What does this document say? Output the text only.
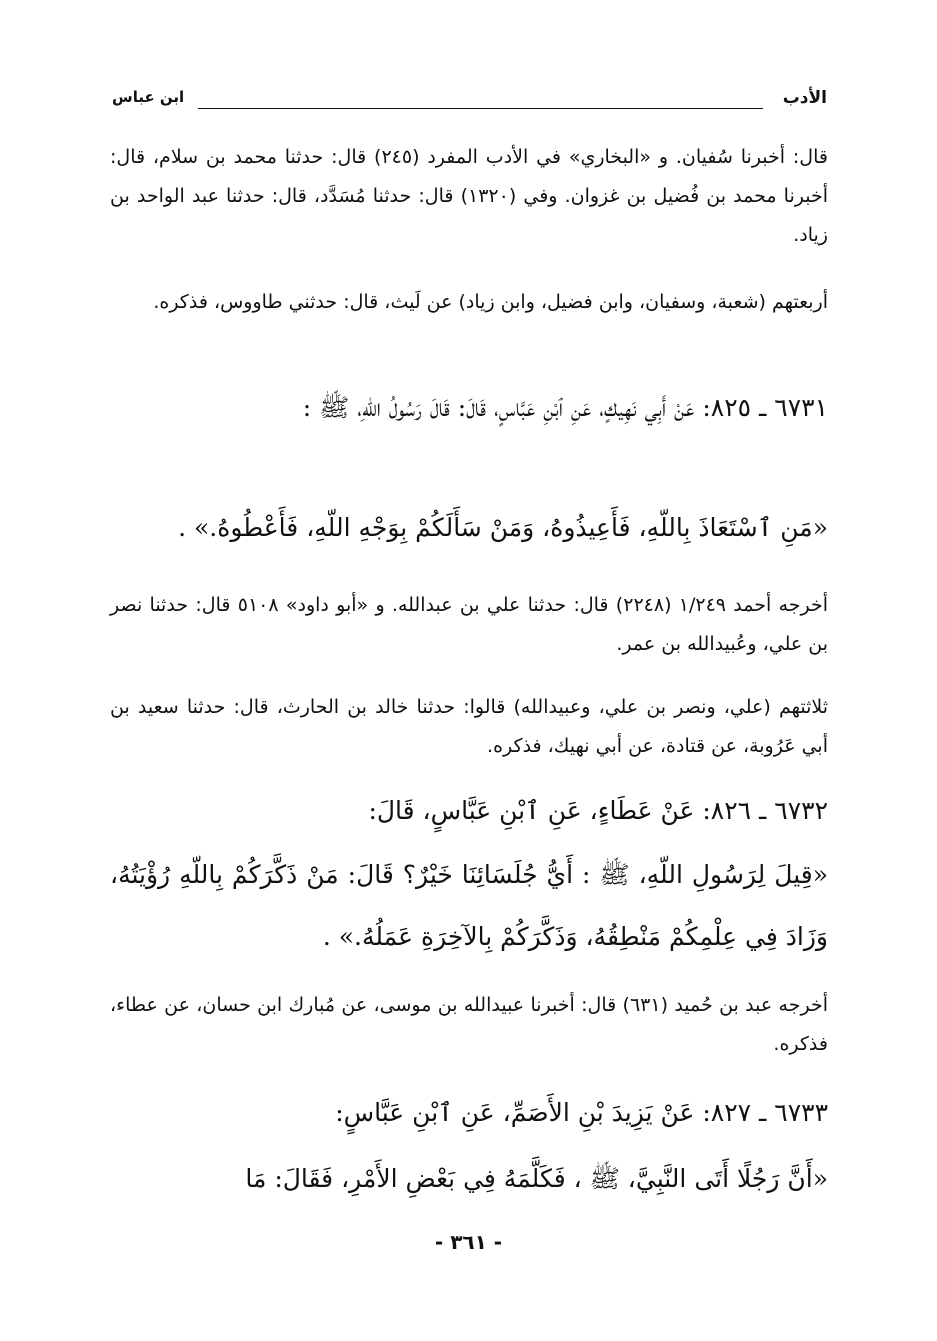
الأدب
ابن عباس

قال: أخبرنا سُفيان. و «البخاري» في الأدب المفرد (٢٤٥) قال: حدثنا محمد بن سلام، قال: أخبرنا محمد بن فُضيل بن غزوان. وفي (١٣٢٠) قال: حدثنا مُسَدَّد، قال: حدثنا عبد الواحد بن زياد.

أربعتهم (شعبة، وسفيان، وابن فضيل، وابن زياد) عن لَيث، قال: حدثني طاووس، فذكره.

٦٧٣١ ـ ٨٢٥: عَنْ أَبِي نَهِيكٍ، عَنِ ٱبْنِ عَبَّاسٍ، قَالَ: قَالَ رَسُولُ اللّهِ، ﷺ :

«مَنِ ٱسْتَعَاذَ بِاللّهِ، فَأَعِيذُوهُ، وَمَنْ سَأَلَكُمْ بِوَجْهِ اللّهِ، فَأَعْطُوهُ.» .

أخرجه أحمد ١/٢٤٩ (٢٢٤٨) قال: حدثنا علي بن عبدالله. و «أبو داود» ٥١٠٨ قال: حدثنا نصر بن علي، وعُبيدالله بن عمر.

ثلاثتهم (علي، ونصر بن علي، وعبيدالله) قالوا: حدثنا خالد بن الحارث، قال: حدثنا سعيد بن أبي عَرُوبة، عن قتادة، عن أبي نهيك، فذكره.

٦٧٣٢ ـ ٨٢٦: عَنْ عَطَاءٍ، عَنِ ٱبْنِ عَبَّاسٍ، قَالَ:

«قِيلَ لِرَسُولِ اللّهِ، ﷺ : أَيُّ جُلَسَائِنَا خَيْرٌ؟ قَالَ: مَنْ ذَكَّرَكُمْ بِاللّهِ رُؤْيَتُهُ، وَزَادَ فِي عِلْمِكُمْ مَنْطِقُهُ، وَذَكَّرَكُمْ بِالآخِرَةِ عَمَلُهُ.» .

أخرجه عبد بن حُميد (٦٣١) قال: أخبرنا عبيدالله بن موسى، عن مُبارك ابن حسان، عن عطاء، فذكره.

٦٧٣٣ ـ ٨٢٧: عَنْ يَزِيدَ بْنِ الأَصَمِّ، عَنِ ٱبْنِ عَبَّاسٍ:

«أَنَّ رَجُلًا أَتَى النَّبِيَّ، ﷺ ، فَكَلَّمَهُ فِي بَعْضِ الأَمْرِ، فَقَالَ: مَا

- ٣٦١ -
